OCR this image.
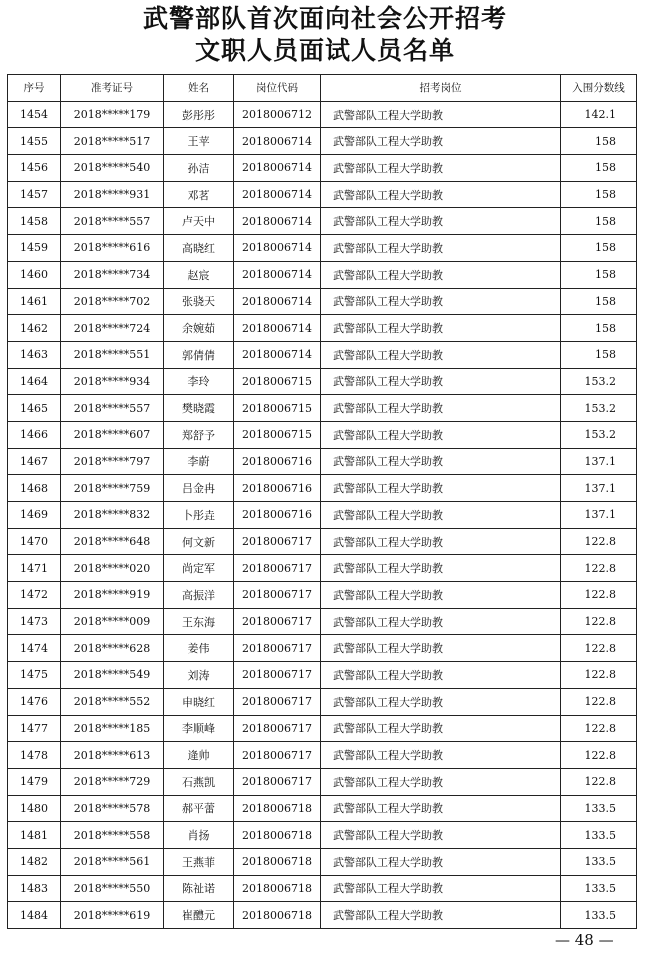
武警部队首次面向社会公开招考
文职人员面试人员名单
序号	准考证号	姓名	岗位代码	招考岗位	入围分数线
1454	2018*****179	彭彤彤	2018006712	武警部队工程大学助教	142.1
1455	2018*****517	王苹	2018006714	武警部队工程大学助教	158
1456	2018*****540	孙洁	2018006714	武警部队工程大学助教	158
1457	2018*****931	邓茗	2018006714	武警部队工程大学助教	158
1458	2018*****557	卢天中	2018006714	武警部队工程大学助教	158
1459	2018*****616	高晓红	2018006714	武警部队工程大学助教	158
1460	2018*****734	赵宸	2018006714	武警部队工程大学助教	158
1461	2018*****702	张骁天	2018006714	武警部队工程大学助教	158
1462	2018*****724	余婉茹	2018006714	武警部队工程大学助教	158
1463	2018*****551	郭倩倩	2018006714	武警部队工程大学助教	158
1464	2018*****934	李玲	2018006715	武警部队工程大学助教	153.2
1465	2018*****557	樊晓霞	2018006715	武警部队工程大学助教	153.2
1466	2018*****607	郑舒予	2018006715	武警部队工程大学助教	153.2
1467	2018*****797	李蔚	2018006716	武警部队工程大学助教	137.1
1468	2018*****759	吕金冉	2018006716	武警部队工程大学助教	137.1
1469	2018*****832	卜彤垚	2018006716	武警部队工程大学助教	137.1
1470	2018*****648	何文新	2018006717	武警部队工程大学助教	122.8
1471	2018*****020	尚定军	2018006717	武警部队工程大学助教	122.8
1472	2018*****919	高振洋	2018006717	武警部队工程大学助教	122.8
1473	2018*****009	王东海	2018006717	武警部队工程大学助教	122.8
1474	2018*****628	姜伟	2018006717	武警部队工程大学助教	122.8
1475	2018*****549	刘涛	2018006717	武警部队工程大学助教	122.8
1476	2018*****552	申晓红	2018006717	武警部队工程大学助教	122.8
1477	2018*****185	李顺峰	2018006717	武警部队工程大学助教	122.8
1478	2018*****613	逄帅	2018006717	武警部队工程大学助教	122.8
1479	2018*****729	石燕凯	2018006717	武警部队工程大学助教	122.8
1480	2018*****578	郝平蕾	2018006718	武警部队工程大学助教	133.5
1481	2018*****558	肖扬	2018006718	武警部队工程大学助教	133.5
1482	2018*****561	王燕菲	2018006718	武警部队工程大学助教	133.5
1483	2018*****550	陈祉诺	2018006718	武警部队工程大学助教	133.5
1484	2018*****619	崔醴元	2018006718	武警部队工程大学助教	133.5
— 48 —
